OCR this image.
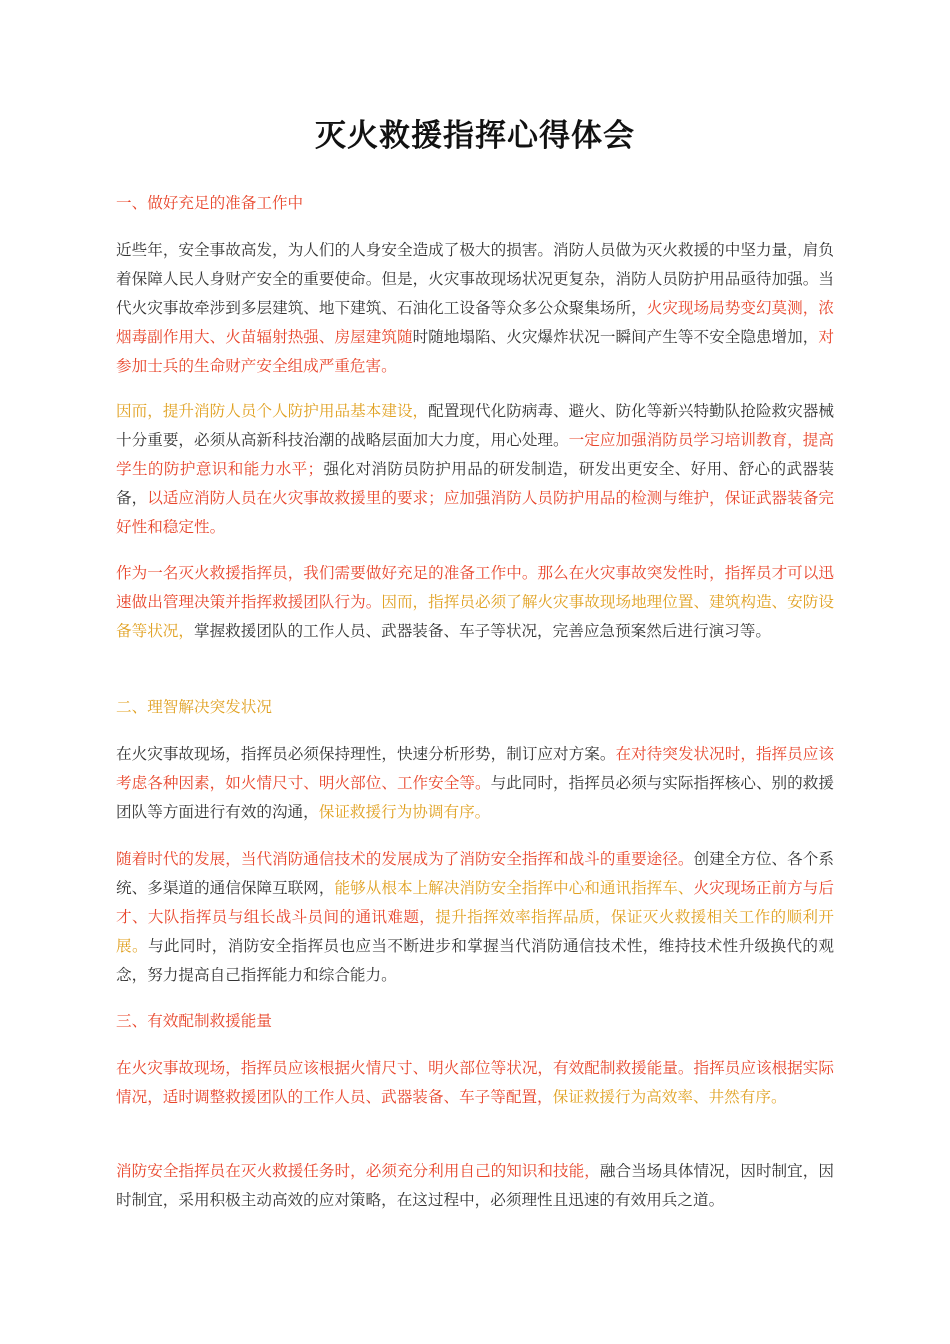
灭火救援指挥心得体会

一、做好充足的准备工作中

近些年，安全事故高发，为人们的人身安全造成了极大的损害。消防人员做为灭火救援的中坚力量，肩负着保障人民人身财产安全的重要使命。但是，火灾事故现场状况更复杂，消防人员防护用品亟待加强。当代火灾事故牵涉到多层建筑、地下建筑、石油化工设备等众多公众聚集场所，火灾现场局势变幻莫测，浓烟毒副作用大、火苗辐射热强、房屋建筑随时随地塌陷、火灾爆炸状况一瞬间产生等不安全隐患增加，对参加士兵的生命财产安全组成严重危害。

因而，提升消防人员个人防护用品基本建设，配置现代化防病毒、避火、防化等新兴特勤队抢险救灾器械十分重要，必须从高新科技治潮的战略层面加大力度，用心处理。一定应加强消防员学习培训教育，提高学生的防护意识和能力水平；强化对消防员防护用品的研发制造，研发出更安全、好用、舒心的武器装备，以适应消防人员在火灾事故救援里的要求；应加强消防人员防护用品的检测与维护，保证武器装备完好性和稳定性。

作为一名灭火救援指挥员，我们需要做好充足的准备工作中。那么在火灾事故突发性时，指挥员才可以迅速做出管理决策并指挥救援团队行为。因而，指挥员必须了解火灾事故现场地理位置、建筑构造、安防设备等状况，掌握救援团队的工作人员、武器装备、车子等状况，完善应急预案然后进行演习等。

二、理智解决突发状况

在火灾事故现场，指挥员必须保持理性，快速分析形势，制订应对方案。在对待突发状况时，指挥员应该考虑各种因素，如火情尺寸、明火部位、工作安全等。与此同时，指挥员必须与实际指挥核心、别的救援团队等方面进行有效的沟通，保证救援行为协调有序。

随着时代的发展，当代消防通信技术的发展成为了消防安全指挥和战斗的重要途径。创建全方位、各个系统、多渠道的通信保障互联网，能够从根本上解决消防安全指挥中心和通讯指挥车、火灾现场正前方与后才、大队指挥员与组长战斗员间的通讯难题，提升指挥效率指挥品质，保证灭火救援相关工作的顺利开展。与此同时，消防安全指挥员也应当不断进步和掌握当代消防通信技术性，维持技术性升级换代的观念，努力提高自己指挥能力和综合能力。

三、有效配制救援能量

在火灾事故现场，指挥员应该根据火情尺寸、明火部位等状况，有效配制救援能量。指挥员应该根据实际情况，适时调整救援团队的工作人员、武器装备、车子等配置，保证救援行为高效率、井然有序。

消防安全指挥员在灭火救援任务时，必须充分利用自己的知识和技能，融合当场具体情况，因时制宜，因时制宜，采用积极主动高效的应对策略，在这过程中，必须理性且迅速的有效用兵之道。
